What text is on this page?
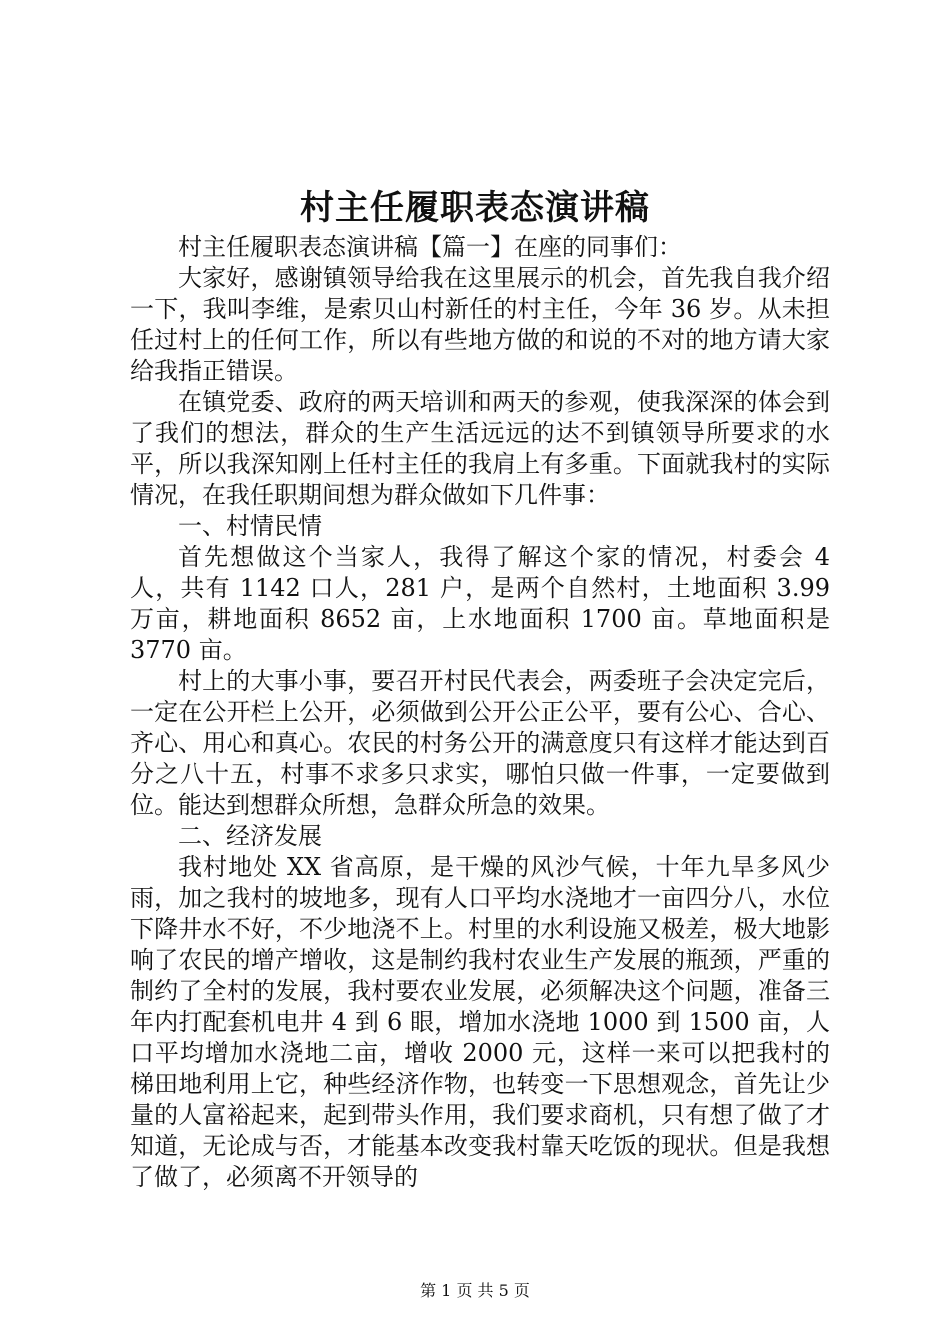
村主任履职表态演讲稿

村主任履职表态演讲稿【篇一】在座的同事们：

大家好，感谢镇领导给我在这里展示的机会，首先我自我介绍一下，我叫李维，是索贝山村新任的村主任，今年 36 岁。从未担任过村上的任何工作，所以有些地方做的和说的不对的地方请大家给我指正错误。

在镇党委、政府的两天培训和两天的参观，使我深深的体会到了我们的想法，群众的生产生活远远的达不到镇领导所要求的水平，所以我深知刚上任村主任的我肩上有多重。下面就我村的实际情况，在我任职期间想为群众做如下几件事：

一、村情民情

首先想做这个当家人，我得了解这个家的情况，村委会 4 人，共有 1142 口人，281 户，是两个自然村，土地面积 3.99 万亩，耕地面积 8652 亩，上水地面积 1700 亩。草地面积是 3770 亩。

村上的大事小事，要召开村民代表会，两委班子会决定完后，一定在公开栏上公开，必须做到公开公正公平，要有公心、合心、齐心、用心和真心。农民的村务公开的满意度只有这样才能达到百分之八十五，村事不求多只求实，哪怕只做一件事，一定要做到位。能达到想群众所想，急群众所急的效果。

二、经济发展

我村地处 XX 省高原，是干燥的风沙气候，十年九旱多风少雨，加之我村的坡地多，现有人口平均水浇地才一亩四分八，水位下降井水不好，不少地浇不上。村里的水利设施又极差，极大地影响了农民的增产增收，这是制约我村农业生产发展的瓶颈，严重的制约了全村的发展，我村要农业发展，必须解决这个问题，准备三年内打配套机电井 4 到 6 眼，增加水浇地 1000 到 1500 亩，人口平均增加水浇地二亩，增收 2000 元，这样一来可以把我村的梯田地利用上它，种些经济作物，也转变一下思想观念，首先让少量的人富裕起来，起到带头作用，我们要求商机，只有想了做了才知道，无论成与否，才能基本改变我村靠天吃饭的现状。但是我想了做了，必须离不开领导的

第 1 页 共 5 页
